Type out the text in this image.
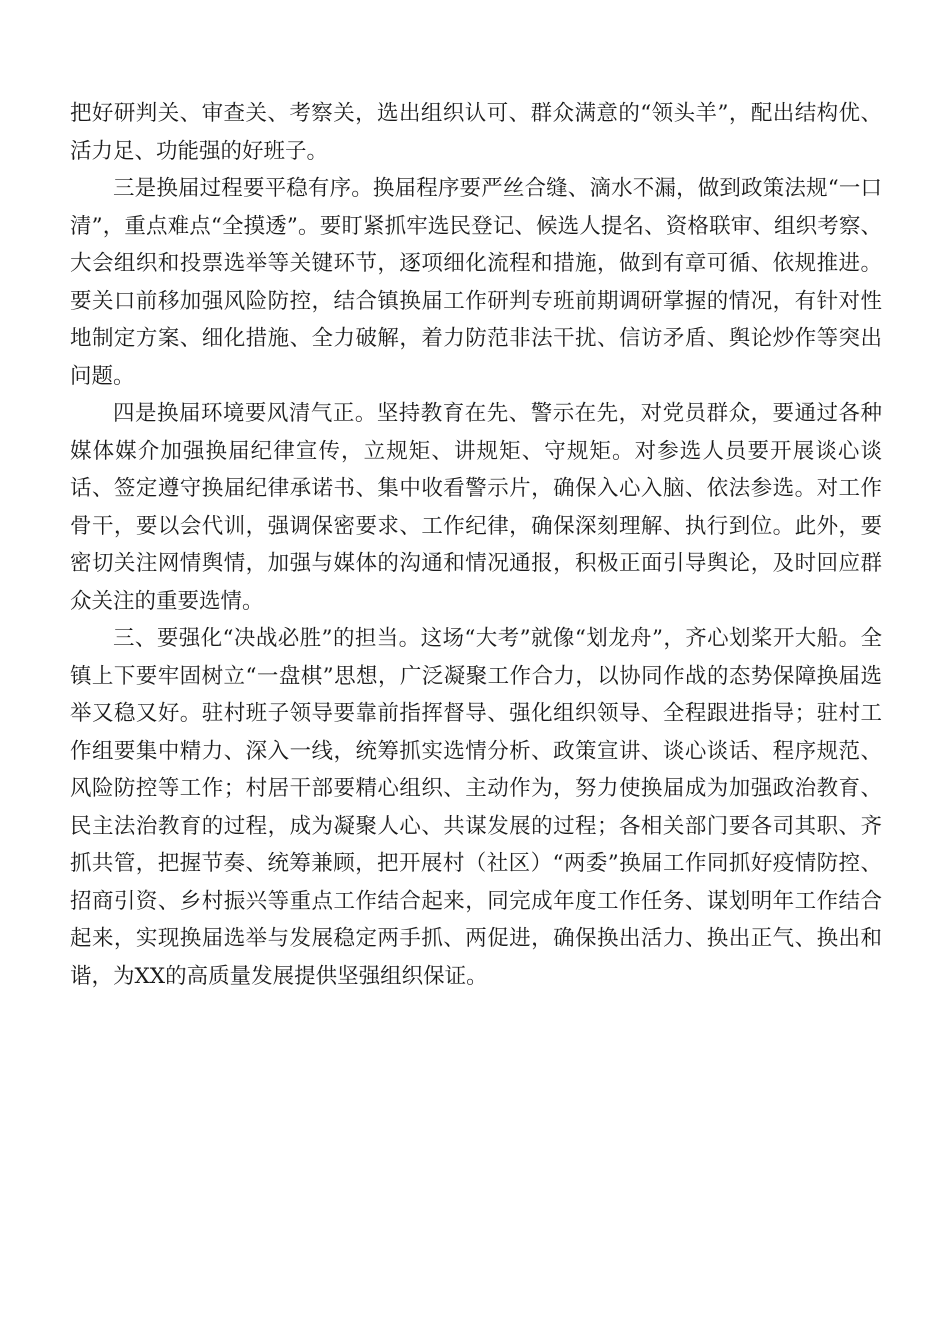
把好研判关、审查关、考察关，选出组织认可、群众满意的“领头羊”，配出结构优、活力足、功能强的好班子。

三是换届过程要平稳有序。换届程序要严丝合缝、滴水不漏，做到政策法规“一口清”，重点难点“全摸透”。要盯紧抓牢选民登记、候选人提名、资格联审、组织考察、大会组织和投票选举等关键环节，逐项细化流程和措施，做到有章可循、依规推进。要关口前移加强风险防控，结合镇换届工作研判专班前期调研掌握的情况，有针对性地制定方案、细化措施、全力破解，着力防范非法干扰、信访矛盾、舆论炒作等突出问题。

四是换届环境要风清气正。坚持教育在先、警示在先，对党员群众，要通过各种媒体媒介加强换届纪律宣传，立规矩、讲规矩、守规矩。对参选人员要开展谈心谈话、签定遵守换届纪律承诺书、集中收看警示片，确保入心入脑、依法参选。对工作骨干，要以会代训，强调保密要求、工作纪律，确保深刻理解、执行到位。此外，要密切关注网情舆情，加强与媒体的沟通和情况通报，积极正面引导舆论，及时回应群众关注的重要选情。

三、要强化“决战必胜”的担当。这场“大考”就像“划龙舟”，齐心划桨开大船。全镇上下要牢固树立“一盘棋”思想，广泛凝聚工作合力，以协同作战的态势保障换届选举又稳又好。驻村班子领导要靠前指挥督导、强化组织领导、全程跟进指导；驻村工作组要集中精力、深入一线，统筹抓实选情分析、政策宣讲、谈心谈话、程序规范、风险防控等工作；村居干部要精心组织、主动作为，努力使换届成为加强政治教育、民主法治教育的过程，成为凝聚人心、共谋发展的过程；各相关部门要各司其职、齐抓共管，把握节奏、统筹兼顾，把开展村（社区）“两委”换届工作同抓好疫情防控、招商引资、乡村振兴等重点工作结合起来，同完成年度工作任务、谋划明年工作结合起来，实现换届选举与发展稳定两手抓、两促进，确保换出活力、换出正气、换出和谐，为XX的高质量发展提供坚强组织保证。
